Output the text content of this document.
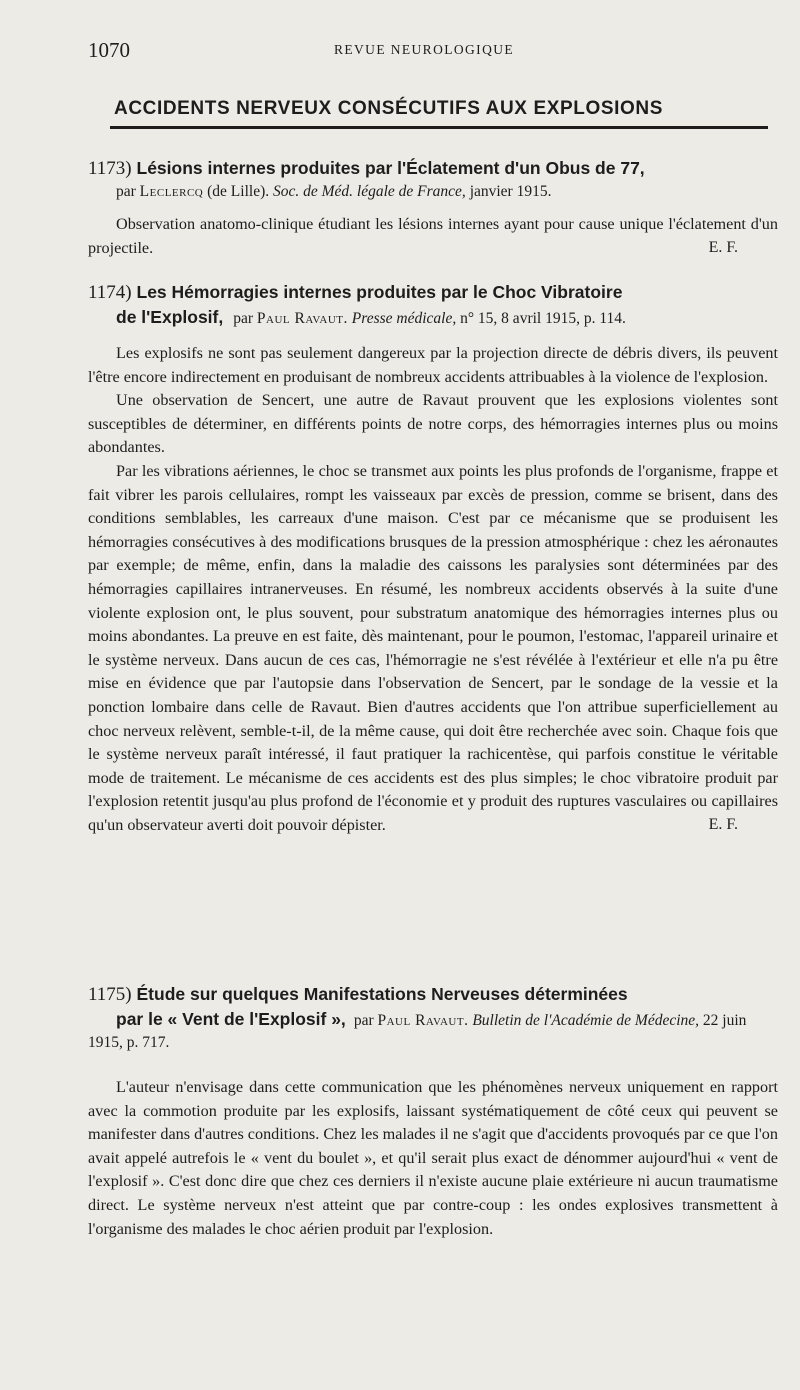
1070	REVUE NEUROLOGIQUE
ACCIDENTS NERVEUX CONSÉCUTIFS AUX EXPLOSIONS

1173) Lésions internes produites par l'Éclatement d'un Obus de 77,

par Leclercq (de Lille). Soc. de Méd. légale de France, janvier 1915.

Observation anatomo-clinique étudiant les lésions internes ayant pour cause unique l'éclatement d'un projectile.	E. F.

1174) Les Hémorragies internes produites par le Choc Vibratoire

de l'Explosif, par Paul Ravaut. Presse médicale, n° 15, 8 avril 1915, p. 114.

Les explosifs ne sont pas seulement dangereux par la projection directe de débris divers, ils peuvent l'être encore indirectement en produisant de nombreux accidents attribuables à la violence de l'explosion.

Une observation de Sencert, une autre de Ravaut prouvent que les explosions violentes sont susceptibles de déterminer, en différents points de notre corps, des hémorragies internes plus ou moins abondantes.

Par les vibrations aériennes, le choc se transmet aux points les plus profonds de l'organisme, frappe et fait vibrer les parois cellulaires, rompt les vaisseaux par excès de pression, comme se brisent, dans des conditions semblables, les carreaux d'une maison. C'est par ce mécanisme que se produisent les hémorragies consécutives à des modifications brusques de la pression atmosphérique : chez les aéronautes par exemple; de même, enfin, dans la maladie des caissons les paralysies sont déterminées par des hémorragies capillaires intranerveuses. En résumé, les nombreux accidents observés à la suite d'une violente explosion ont, le plus souvent, pour substratum anatomique des hémorragies internes plus ou moins abondantes. La preuve en est faite, dès maintenant, pour le poumon, l'estomac, l'appareil urinaire et le système nerveux. Dans aucun de ces cas, l'hémorragie ne s'est révélée à l'extérieur et elle n'a pu être mise en évidence que par l'autopsie dans l'observation de Sencert, par le sondage de la vessie et la ponction lombaire dans celle de Ravaut. Bien d'autres accidents que l'on attribue superficiellement au choc nerveux relèvent, semble-t-il, de la même cause, qui doit être recherchée avec soin. Chaque fois que le système nerveux paraît intéressé, il faut pratiquer la rachicentèse, qui parfois constitue le véritable mode de traitement. Le mécanisme de ces accidents est des plus simples; le choc vibratoire produit par l'explosion retentit jusqu'au plus profond de l'économie et y produit des ruptures vasculaires ou capillaires qu'un observateur averti doit pouvoir dépister.	E. F.

1175) Étude sur quelques Manifestations Nerveuses déterminées

par le « Vent de l'Explosif », par Paul Ravaut. Bulletin de l'Académie de Médecine, 22 juin 1915, p. 717.

L'auteur n'envisage dans cette communication que les phénomènes nerveux uniquement en rapport avec la commotion produite par les explosifs, laissant systématiquement de côté ceux qui peuvent se manifester dans d'autres conditions. Chez les malades il ne s'agit que d'accidents provoqués par ce que l'on avait appelé autrefois le « vent du boulet », et qu'il serait plus exact de dénommer aujourd'hui « vent de l'explosif ». C'est donc dire que chez ces derniers il n'existe aucune plaie extérieure ni aucun traumatisme direct. Le système nerveux n'est atteint que par contre-coup : les ondes explosives transmettent à l'organisme des malades le choc aérien produit par l'explosion.
